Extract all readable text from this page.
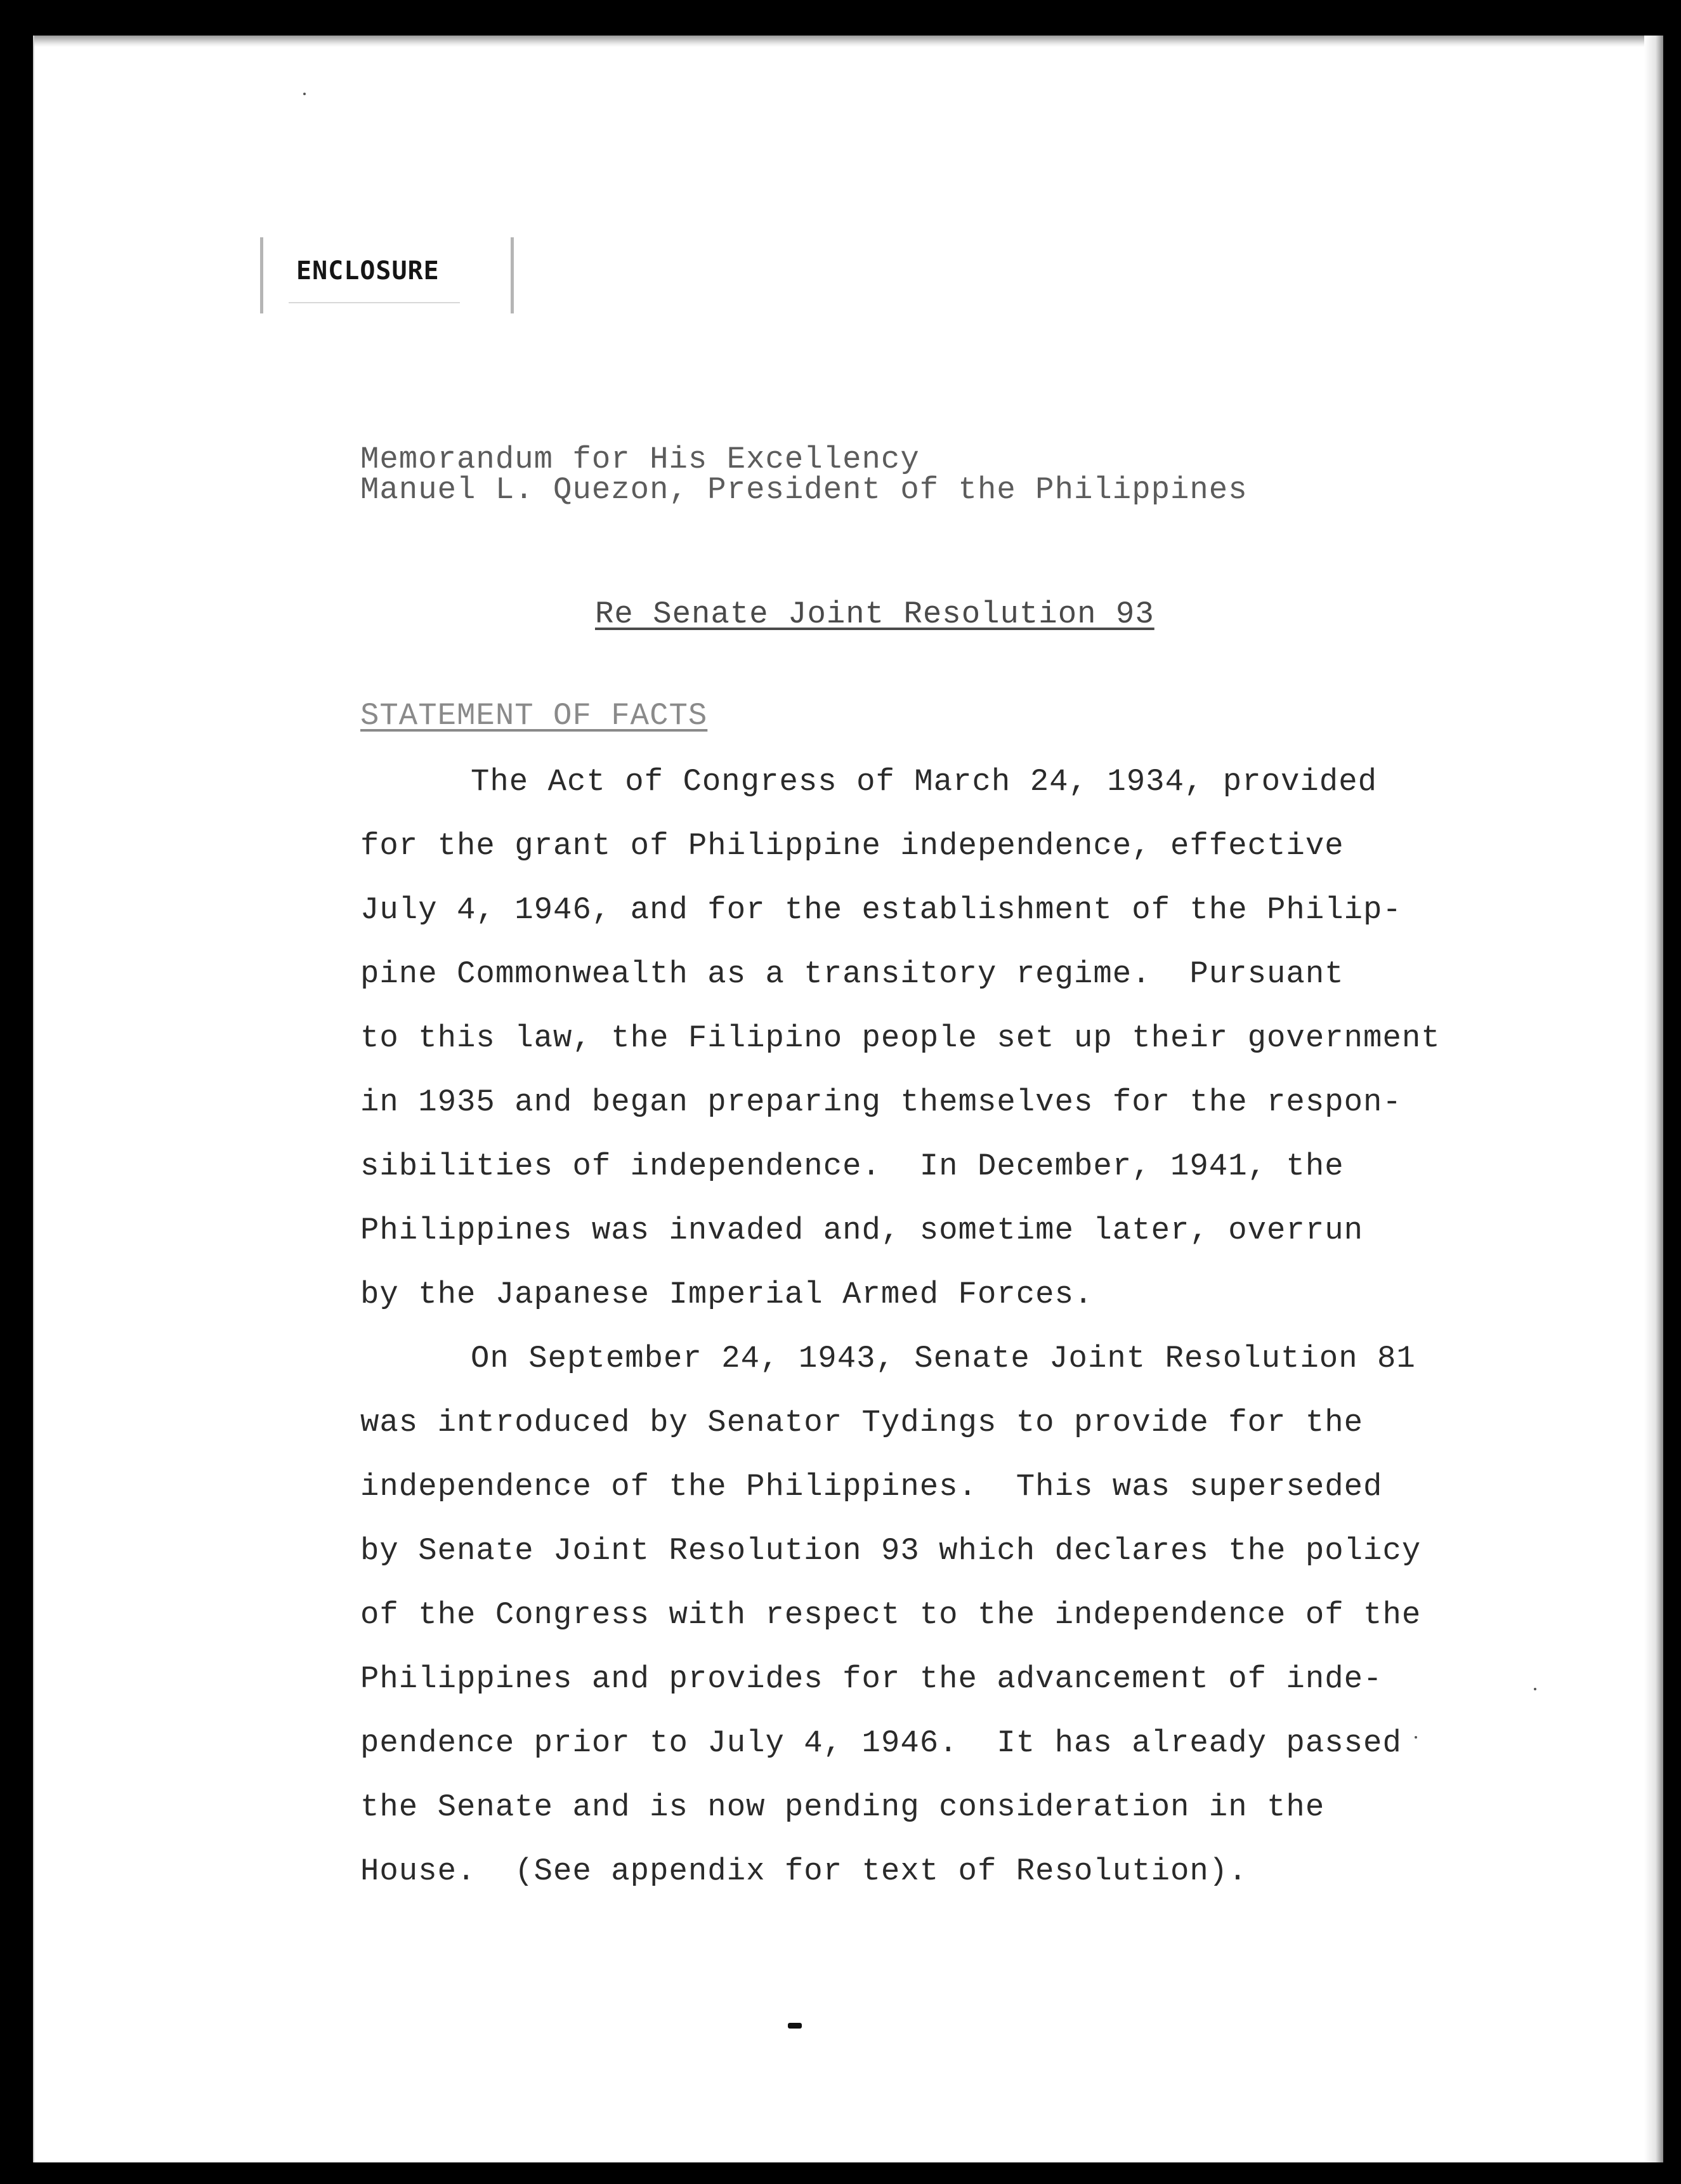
ENCLOSURE
Memorandum for His Excellency
Manuel L. Quezon, President of the Philippines
Re Senate Joint Resolution 93
STATEMENT OF FACTS
The Act of Congress of March 24, 1934, provided
for the grant of Philippine independence, effective
July 4, 1946, and for the establishment of the Philip-
pine Commonwealth as a transitory regime.  Pursuant
to this law, the Filipino people set up their government
in 1935 and began preparing themselves for the respon-
sibilities of independence.  In December, 1941, the
Philippines was invaded and, sometime later, overrun
by the Japanese Imperial Armed Forces.
On September 24, 1943, Senate Joint Resolution 81
was introduced by Senator Tydings to provide for the
independence of the Philippines.  This was superseded
by Senate Joint Resolution 93 which declares the policy
of the Congress with respect to the independence of the
Philippines and provides for the advancement of inde-
pendence prior to July 4, 1946.  It has already passed
the Senate and is now pending consideration in the
House.  (See appendix for text of Resolution).
